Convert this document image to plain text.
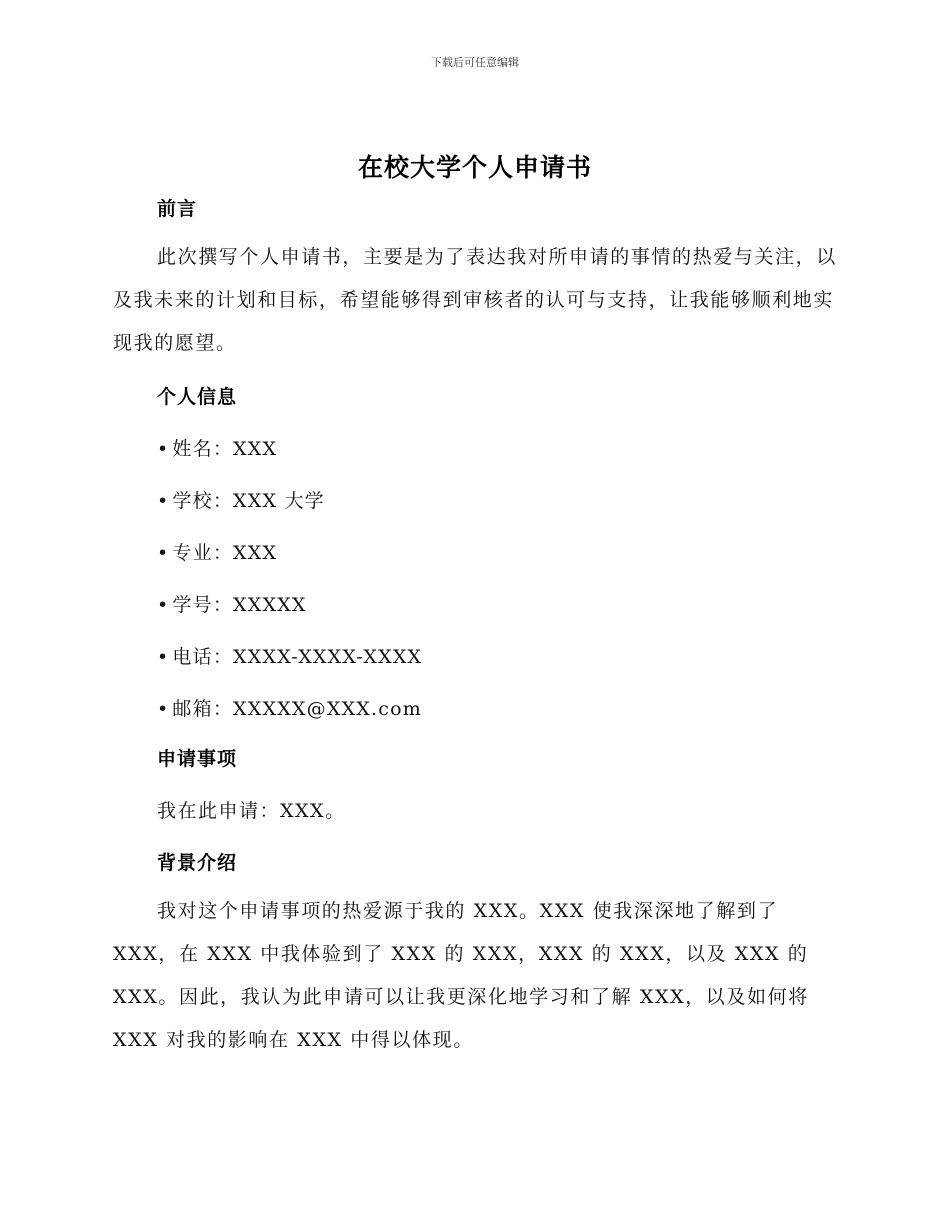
下载后可任意编辑
在校大学个人申请书
前言

此次撰写个人申请书，主要是为了表达我对所申请的事情的热爱与关注，以及我未来的计划和目标，希望能够得到审核者的认可与支持，让我能够顺利地实现我的愿望。

个人信息
• 姓名：XXX
• 学校：XXX 大学
• 专业：XXX
• 学号：XXXXX
• 电话：XXXX-XXXX-XXXX
• 邮箱：XXXXX@XXX.com
申请事项
我在此申请：XXX。
背景介绍

我对这个申请事项的热爱源于我的 XXX。XXX 使我深深地了解到了 XXX，在 XXX 中我体验到了 XXX 的 XXX，XXX 的 XXX，以及 XXX 的 XXX。因此，我认为此申请可以让我更深化地学习和了解 XXX，以及如何将 XXX 对我的影响在 XXX 中得以体现。
